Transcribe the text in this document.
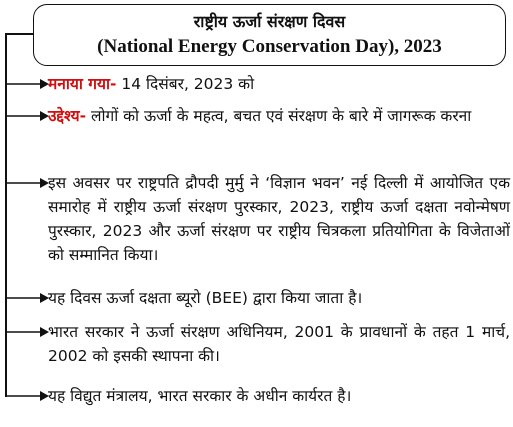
राष्ट्रीय ऊर्जा संरक्षण दिवस
(National Energy Conservation Day), 2023
मनाया गया- 14 दिसंबर, 2023 को
उद्देश्य- लोगों को ऊर्जा के महत्व, बचत एवं संरक्षण के बारे में जागरूक करना
इस अवसर पर राष्ट्रपति द्रौपदी मुर्मु ने ‘विज्ञान भवन’ नई दिल्ली में आयोजित एक समारोह में राष्ट्रीय ऊर्जा संरक्षण पुरस्कार, 2023, राष्ट्रीय ऊर्जा दक्षता नवोन्मेषण पुरस्कार, 2023 और ऊर्जा संरक्षण पर राष्ट्रीय चित्रकला प्रतियोगिता के विजेताओं को सम्मानित किया।
यह दिवस ऊर्जा दक्षता ब्यूरो (BEE) द्वारा किया जाता है।
भारत सरकार ने ऊर्जा संरक्षण अधिनियम, 2001 के प्रावधानों के तहत 1 मार्च, 2002 को इसकी स्थापना की।
यह विद्युत मंत्रालय, भारत सरकार के अधीन कार्यरत है।
